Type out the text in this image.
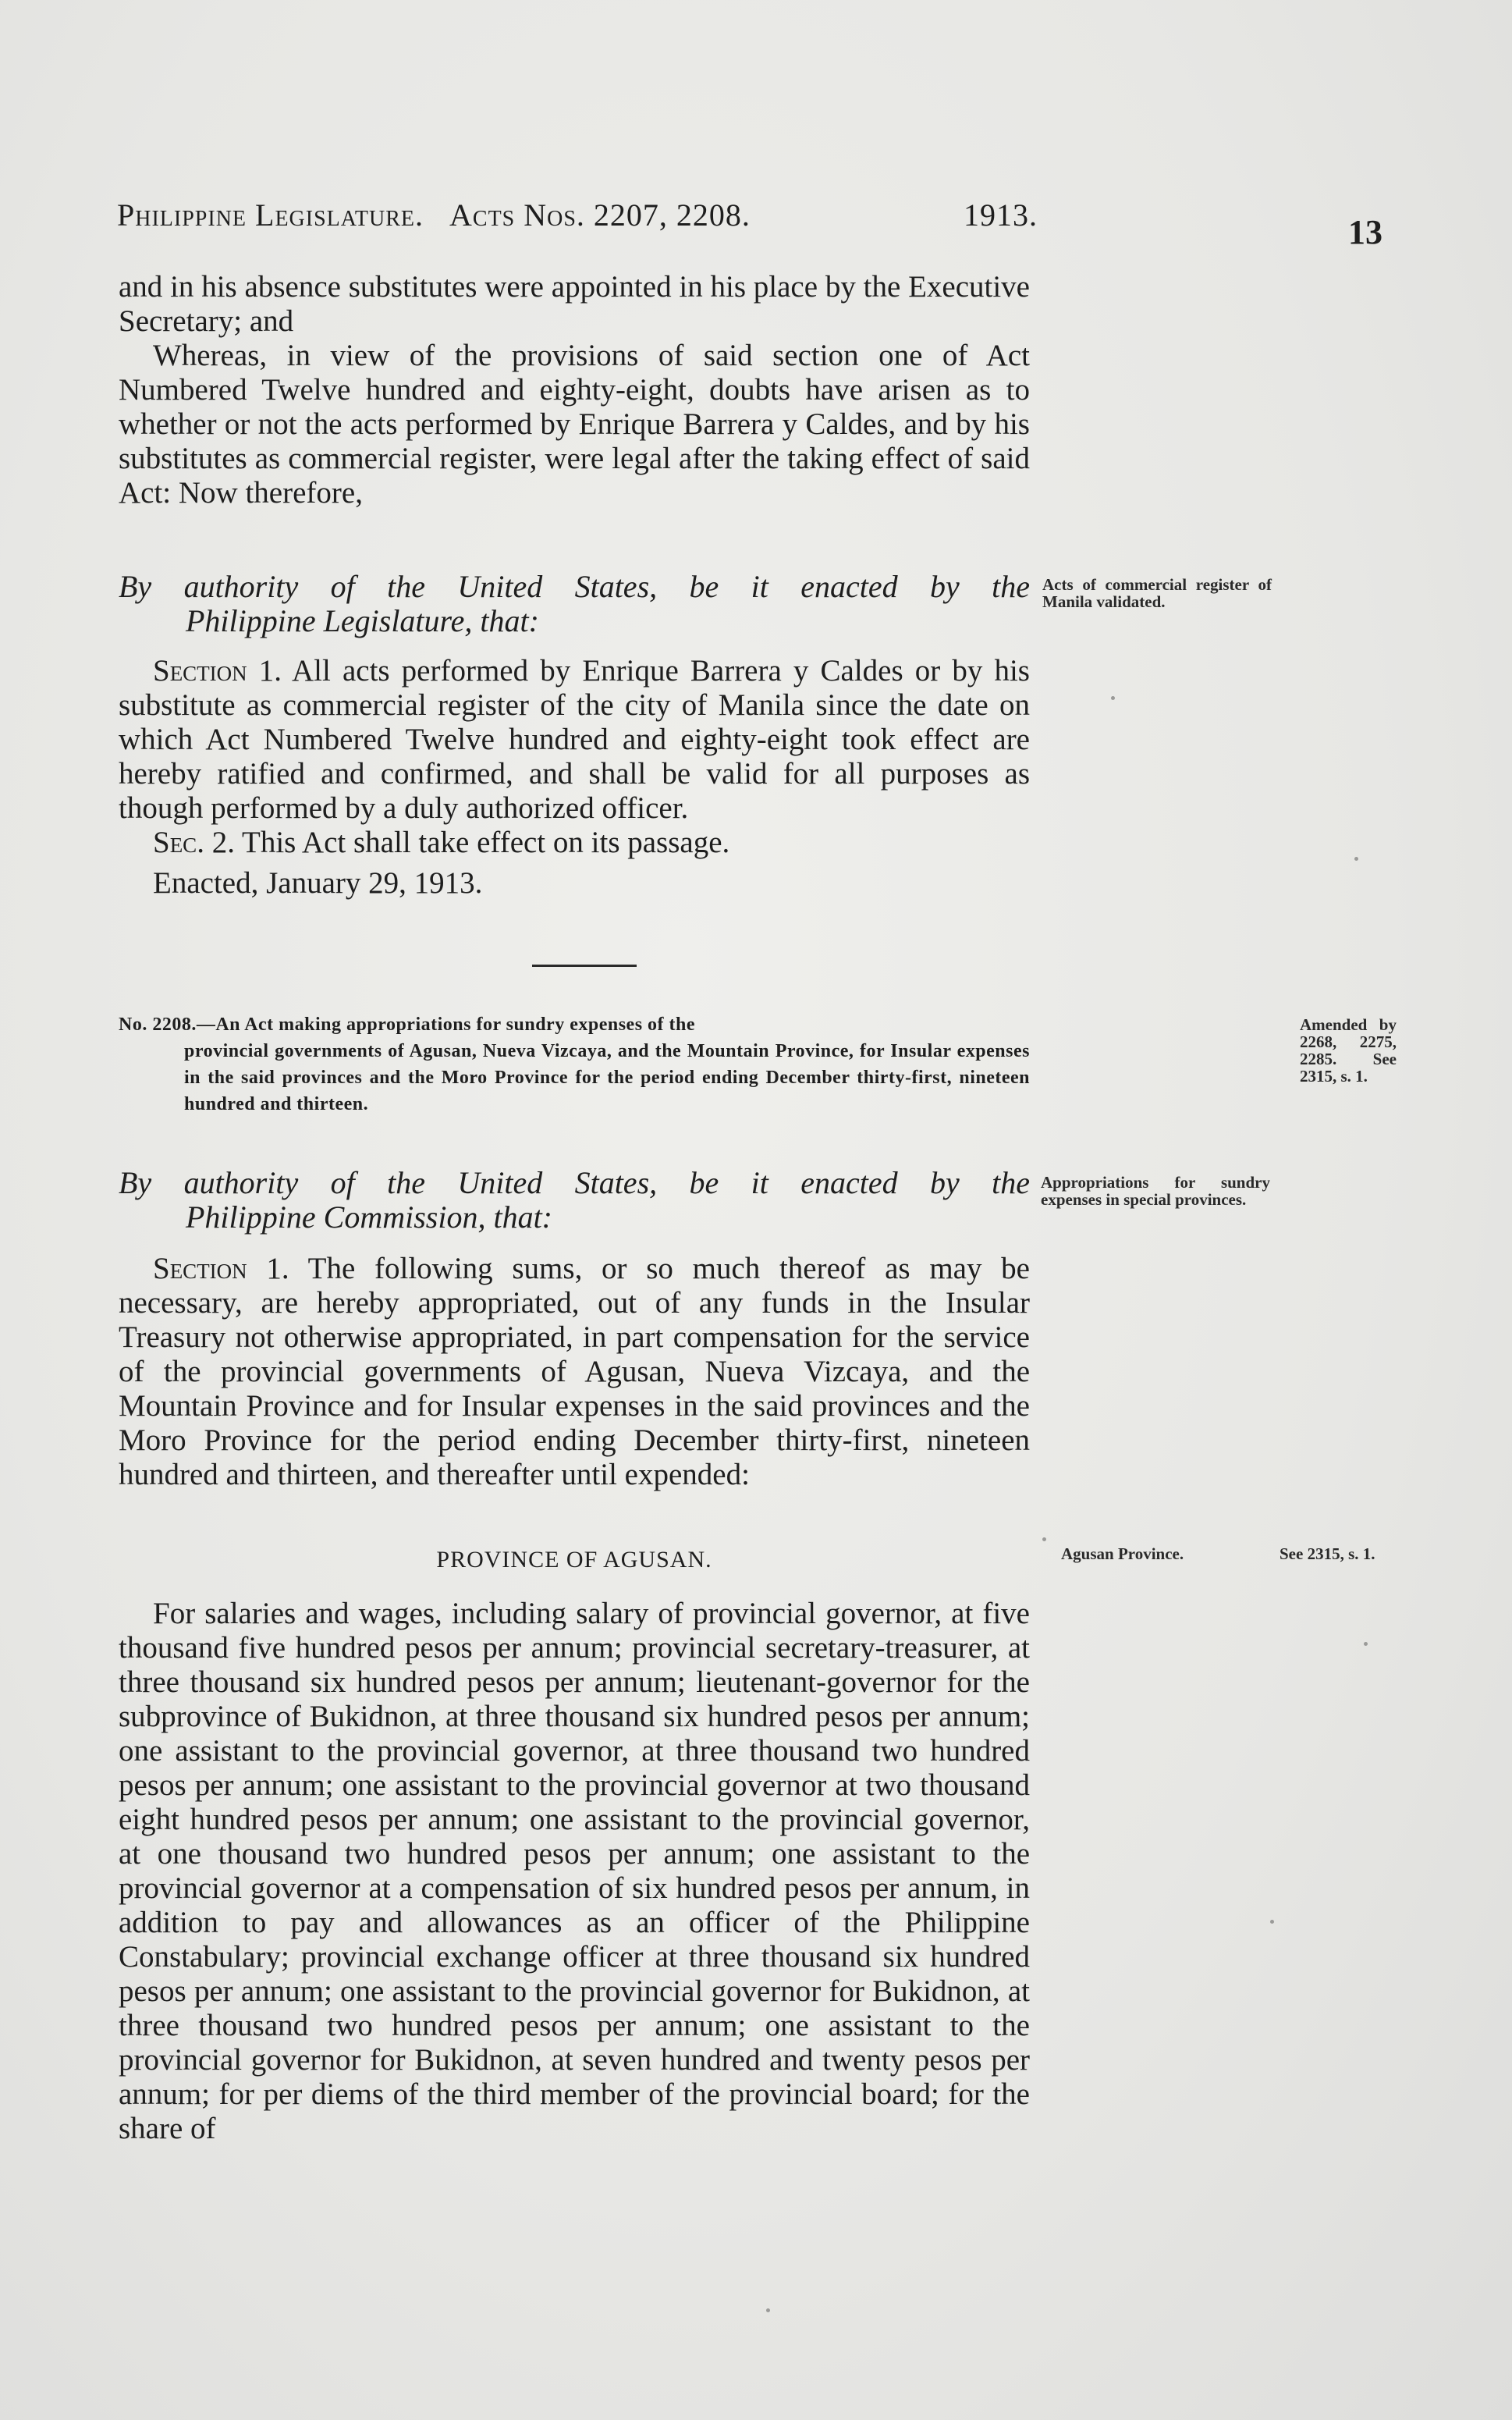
Philippine Legislature. Acts Nos. 2207, 2208.	1913.	13

and in his absence substitutes were appointed in his place by the Executive Secretary; and

Whereas, in view of the provisions of said section one of Act Numbered Twelve hundred and eighty-eight, doubts have arisen as to whether or not the acts performed by Enrique Barrera y Caldes, and by his substitutes as commercial register, were legal after the taking effect of said Act: Now therefore,

By authority of the United States, be it enacted by the
Philippine Legislature, that:

Section 1. All acts performed by Enrique Barrera y Caldes or by his substitute as commercial register of the city of Manila since the date on which Act Numbered Twelve hundred and eighty-eight took effect are hereby ratified and confirmed, and shall be valid for all purposes as though performed by a duly authorized officer.

Sec. 2. This Act shall take effect on its passage.

Enacted, January 29, 1913.

No. 2208.—An Act making appropriations for sundry expenses of the
provincial governments of Agusan, Nueva Vizcaya, and the Mountain Province, for Insular expenses in the said provinces and the Moro Province for the period ending December thirty-first, nineteen hundred and thirteen.
By authority of the United States, be it enacted by the
Philippine Commission, that:

Section 1. The following sums, or so much thereof as may be necessary, are hereby appropriated, out of any funds in the Insular Treasury not otherwise appropriated, in part compensation for the service of the provincial governments of Agusan, Nueva Vizcaya, and the Mountain Province and for Insular expenses in the said provinces and the Moro Province for the period ending December thirty-first, nineteen hundred and thirteen, and thereafter until expended:

PROVINCE OF AGUSAN.

For salaries and wages, including salary of provincial governor, at five thousand five hundred pesos per annum; provincial secretary-treasurer, at three thousand six hundred pesos per annum; lieutenant-governor for the subprovince of Bukidnon, at three thousand six hundred pesos per annum; one assistant to the provincial governor, at three thousand two hundred pesos per annum; one assistant to the provincial governor at two thousand eight hundred pesos per annum; one assistant to the provincial governor, at one thousand two hundred pesos per annum; one assistant to the provincial governor at a compensation of six hundred pesos per annum, in addition to pay and allowances as an officer of the Philippine Constabulary; provincial exchange officer at three thousand six hundred pesos per annum; one assistant to the provincial governor for Bukidnon, at three thousand two hundred pesos per annum; one assistant to the provincial governor for Bukidnon, at seven hundred and twenty pesos per annum; for per diems of the third member of the provincial board; for the share of

Acts of commercial register of Manila validated.
Amended by 2268, 2275, 2285. See 2315, s. 1.
Appropriations for sundry expenses in special provinces.
Agusan Province.	See 2315, s. 1.
